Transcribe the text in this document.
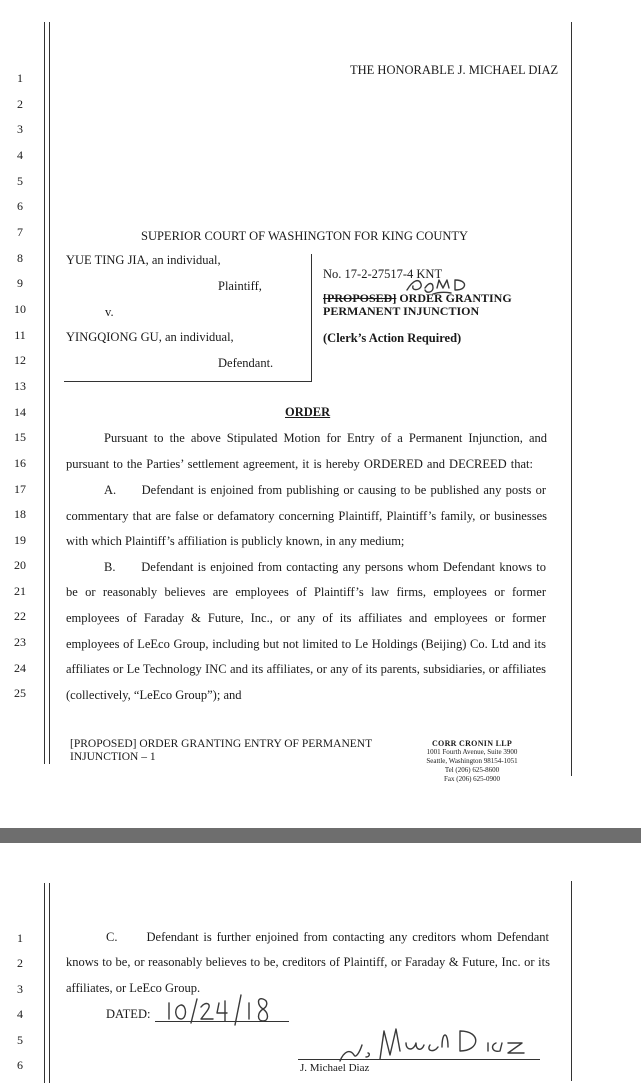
1
2
3
4
5
6
7
8
9
10
11
12
13
14
15
16
17
18
19
20
21
22
23
24
25
THE HONORABLE J. MICHAEL DIAZ
SUPERIOR COURT OF WASHINGTON FOR KING COUNTY
YUE TING JIA, an individual,
Plaintiff,
v.
YINGQIONG GU, an individual,
Defendant.
No. 17-2-27517-4 KNT
[PROPOSED] ORDER GRANTING
PERMANENT INJUNCTION
(Clerk’s Action Required)
ORDER
Pursuant to the above Stipulated Motion for Entry of a Permanent Injunction, and
pursuant to the Parties’ settlement agreement, it is hereby ORDERED and DECREED that:
A.      Defendant is enjoined from publishing or causing to be published any posts or
commentary that are false or defamatory concerning Plaintiff, Plaintiff’s family, or businesses
with which Plaintiff’s affiliation is publicly known, in any medium;
B.      Defendant is enjoined from contacting any persons whom Defendant knows to
be or reasonably believes are employees of Plaintiff’s law firms, employees or former
employees of Faraday & Future, Inc., or any of its affiliates and employees or former
employees of LeEco Group, including but not limited to Le Holdings (Beijing) Co. Ltd and its
affiliates or Le Technology INC and its affiliates, or any of its parents, subsidiaries, or affiliates
(collectively, “LeEco Group”); and
[PROPOSED] ORDER GRANTING ENTRY OF PERMANENT
INJUNCTION – 1
CORR CRONIN LLP
1001 Fourth Avenue, Suite 3900
Seattle, Washington 98154-1051
Tel (206) 625-8600
Fax (206) 625-0900
1
2
3
4
5
6
C.      Defendant is further enjoined from contacting any creditors whom Defendant
knows to be, or reasonably believes to be, creditors of Plaintiff, or Faraday & Future, Inc. or its
affiliates, or LeEco Group.
DATED:
J. Michael Diaz
